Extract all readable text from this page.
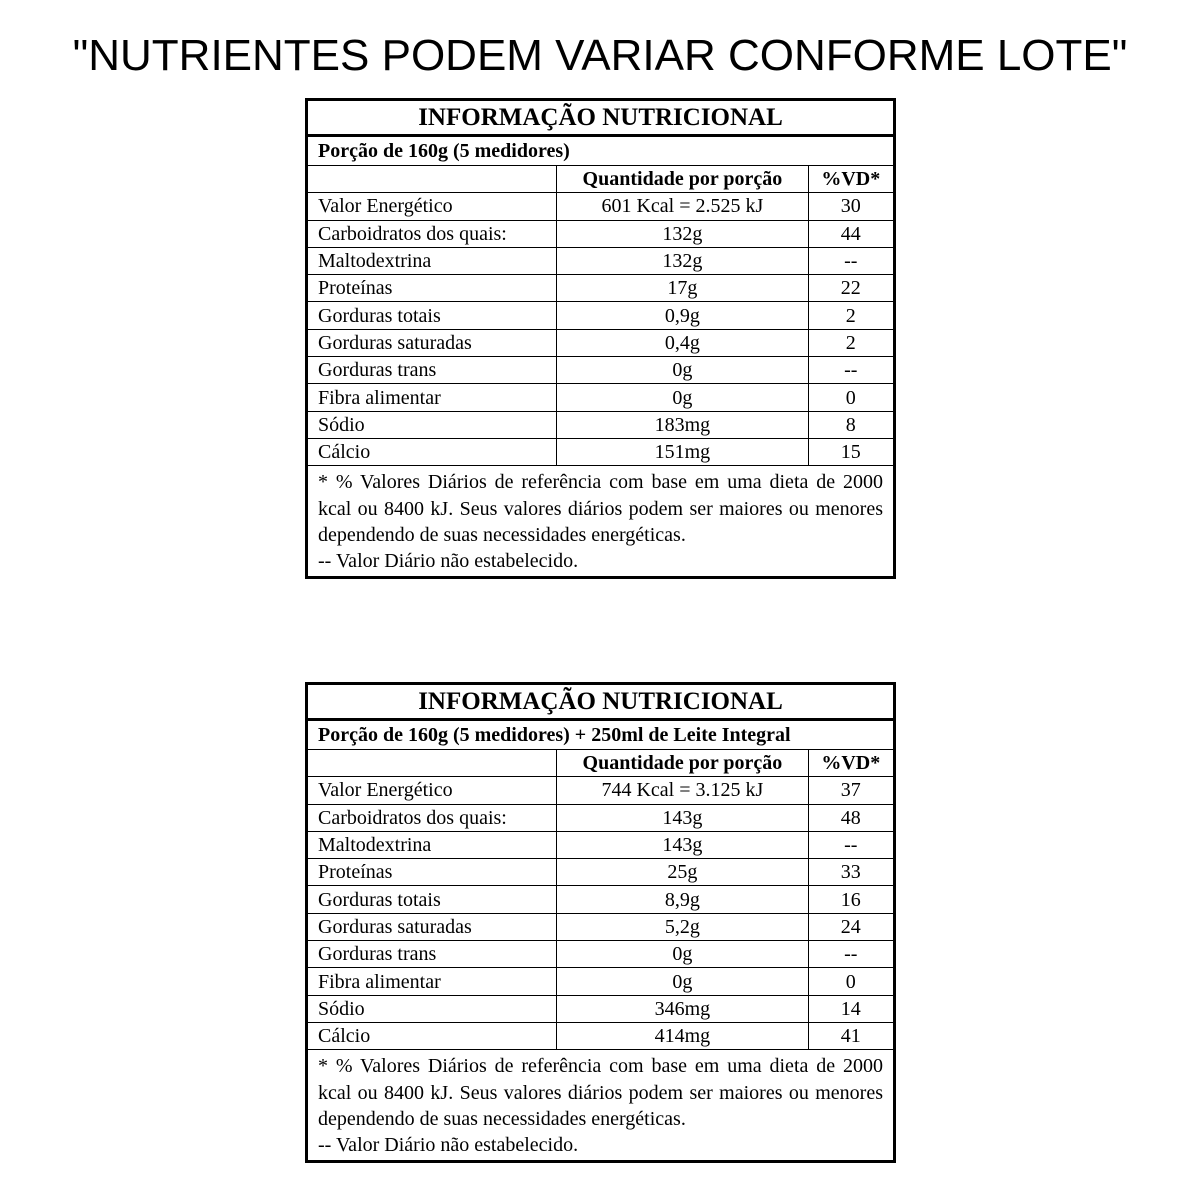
"NUTRIENTES PODEM VARIAR CONFORME LOTE"
INFORMAÇÃO NUTRICIONAL		
Porção de 160g (5 medidores)		
	Quantidade por porção	%VD*
Valor Energético	601 Kcal = 2.525 kJ	30
Carboidratos dos quais:	132g	44
Maltodextrina	132g	--
Proteínas	17g	22
Gorduras totais	0,9g	2
Gorduras saturadas	0,4g	2
Gorduras trans	0g	--
Fibra alimentar	0g	0
Sódio	183mg	8
Cálcio	151mg	15

* % Valores Diários de referência com base em uma dieta de 2000 kcal ou 8400 kJ. Seus valores diários podem ser maiores ou menores dependendo de suas necessidades energéticas.
-- Valor Diário não estabelecido.		
INFORMAÇÃO NUTRICIONAL		
Porção de 160g (5 medidores) + 250ml de Leite Integral		
	Quantidade por porção	%VD*
Valor Energético	744 Kcal = 3.125 kJ	37
Carboidratos dos quais:	143g	48
Maltodextrina	143g	--
Proteínas	25g	33
Gorduras totais	8,9g	16
Gorduras saturadas	5,2g	24
Gorduras trans	0g	--
Fibra alimentar	0g	0
Sódio	346mg	14
Cálcio	414mg	41

* % Valores Diários de referência com base em uma dieta de 2000 kcal ou 8400 kJ. Seus valores diários podem ser maiores ou menores dependendo de suas necessidades energéticas.
-- Valor Diário não estabelecido.		
